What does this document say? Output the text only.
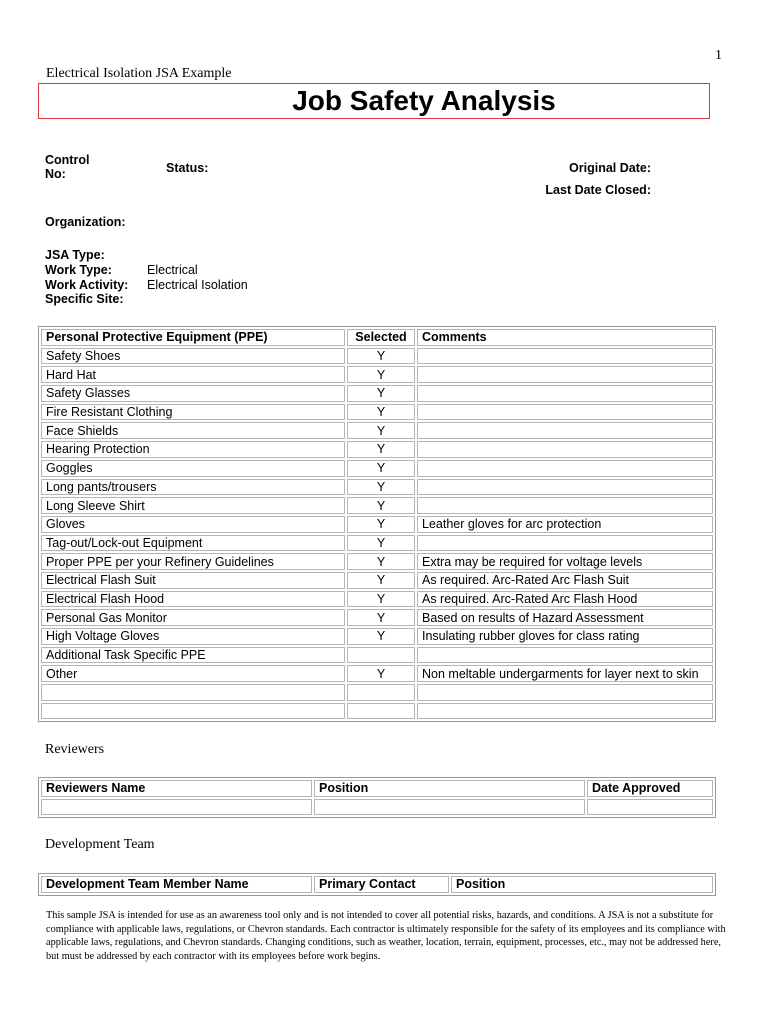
1
Electrical Isolation JSA Example
Job Safety Analysis
Control No:	Status:	Original Date:
Last Date Closed:
Organization:
JSA Type:
Work Type:	Electrical
Work Activity: Electrical Isolation
Specific Site:
Personal Protective Equipment (PPE)	Selected	Comments
Safety Shoes	Y	
Hard Hat	Y	
Safety Glasses	Y	
Fire Resistant Clothing	Y	
Face Shields	Y	
Hearing Protection	Y	
Goggles	Y	
Long pants/trousers	Y	
Long Sleeve Shirt	Y	
Gloves	Y	Leather gloves for arc protection
Tag-out/Lock-out Equipment	Y	
Proper PPE per your Refinery Guidelines	Y	Extra may be required for voltage levels
Electrical Flash Suit	Y	As required. Arc-Rated Arc Flash Suit
Electrical Flash Hood	Y	As required. Arc-Rated Arc Flash Hood
Personal Gas Monitor	Y	Based on results of Hazard Assessment
High Voltage Gloves	Y	Insulating rubber gloves for class rating
Additional Task Specific PPE		
Other	Y	Non meltable undergarments for layer next to skin

Reviewers
Reviewers Name	Position	Date Approved

Development Team
Development Team Member Name	Primary Contact	Position
This sample JSA is intended for use as an awareness tool only and is not intended to cover all potential risks, hazards, and conditions. A JSA is not a substitute for compliance with applicable laws, regulations, or Chevron standards. Each contractor is ultimately responsible for the safety of its employees and its compliance with applicable laws, regulations, and Chevron standards. Changing conditions, such as weather, location, terrain, equipment, processes, etc., may not be addressed here, but must be addressed by each contractor with its employees before work begins.
